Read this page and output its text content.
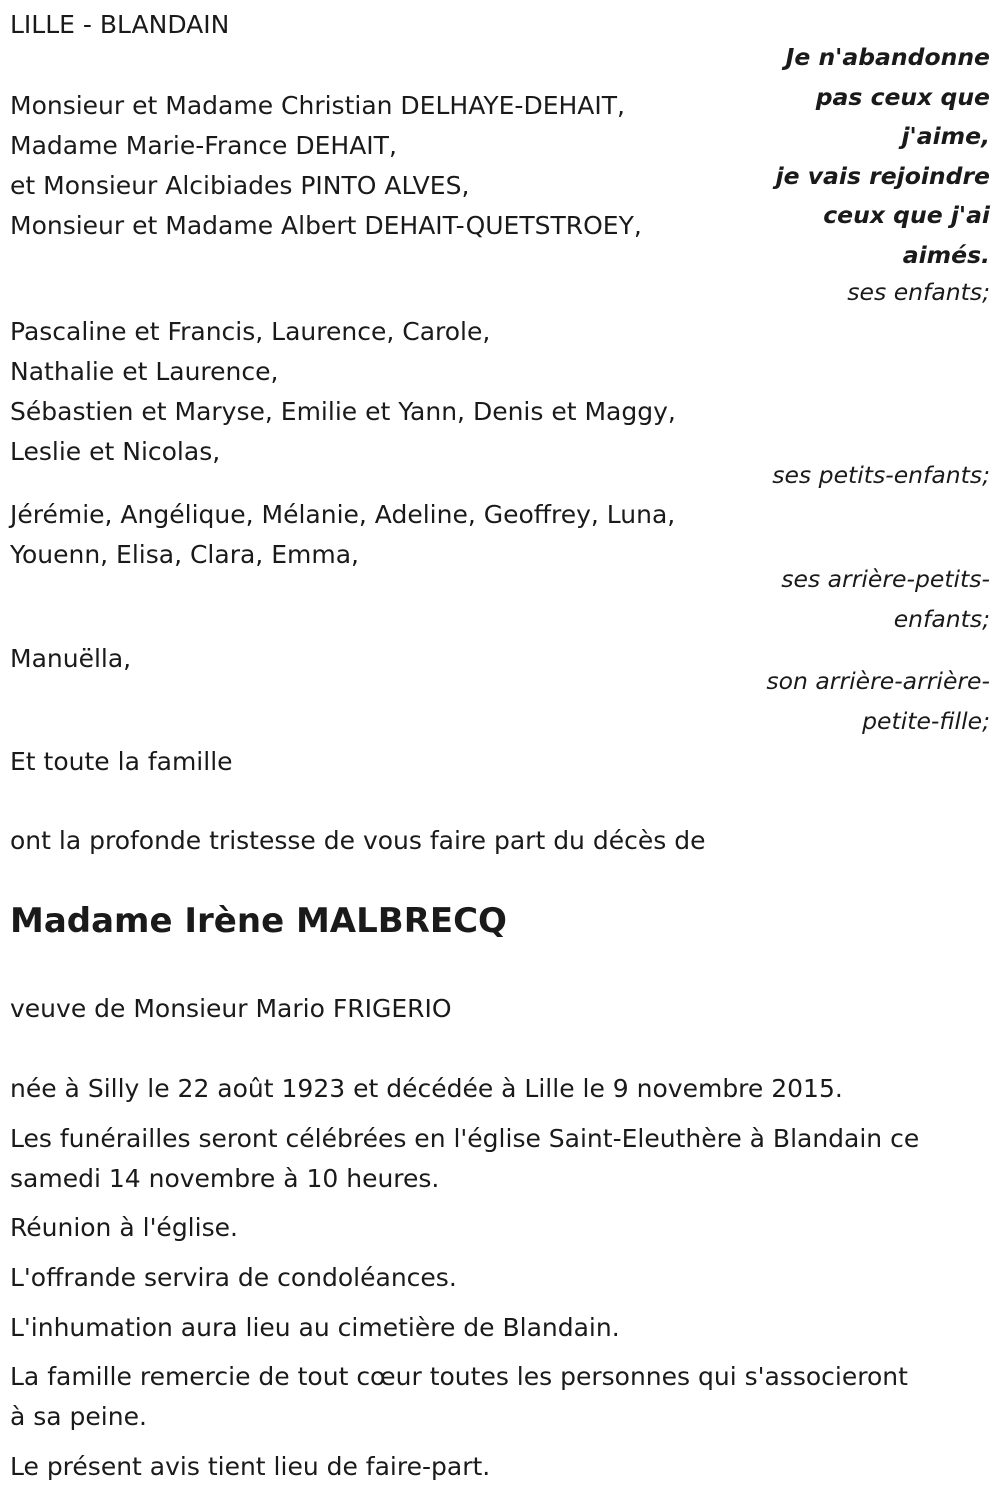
LILLE - BLANDAIN
Je n'abandonne
pas ceux que
j'aime,
je vais rejoindre
ceux que j'ai
aimés.
Monsieur et Madame Christian DELHAYE-DEHAIT,
Madame Marie-France DEHAIT,
et Monsieur Alcibiades PINTO ALVES,
Monsieur et Madame Albert DEHAIT-QUETSTROEY,
ses enfants;
Pascaline et Francis, Laurence, Carole,
Nathalie et Laurence,
Sébastien et Maryse, Emilie et Yann, Denis et Maggy,
Leslie et Nicolas,
ses petits-enfants;
Jérémie, Angélique, Mélanie, Adeline, Geoffrey, Luna,
Youenn, Elisa, Clara, Emma,
ses arrière-petits-
enfants;
Manuëlla,
son arrière-arrière-
petite-fille;
Et toute la famille
ont la profonde tristesse de vous faire part du décès de
Madame Irène MALBRECQ
veuve de Monsieur Mario FRIGERIO
née à Silly le 22 août 1923 et décédée à Lille le 9 novembre 2015.
Les funérailles seront célébrées en l'église Saint-Eleuthère à Blandain ce
samedi 14 novembre à 10 heures.
Réunion à l'église.
L'offrande servira de condoléances.
L'inhumation aura lieu au cimetière de Blandain.
La famille remercie de tout cœur toutes les personnes qui s'associeront
à sa peine.
Le présent avis tient lieu de faire-part.
